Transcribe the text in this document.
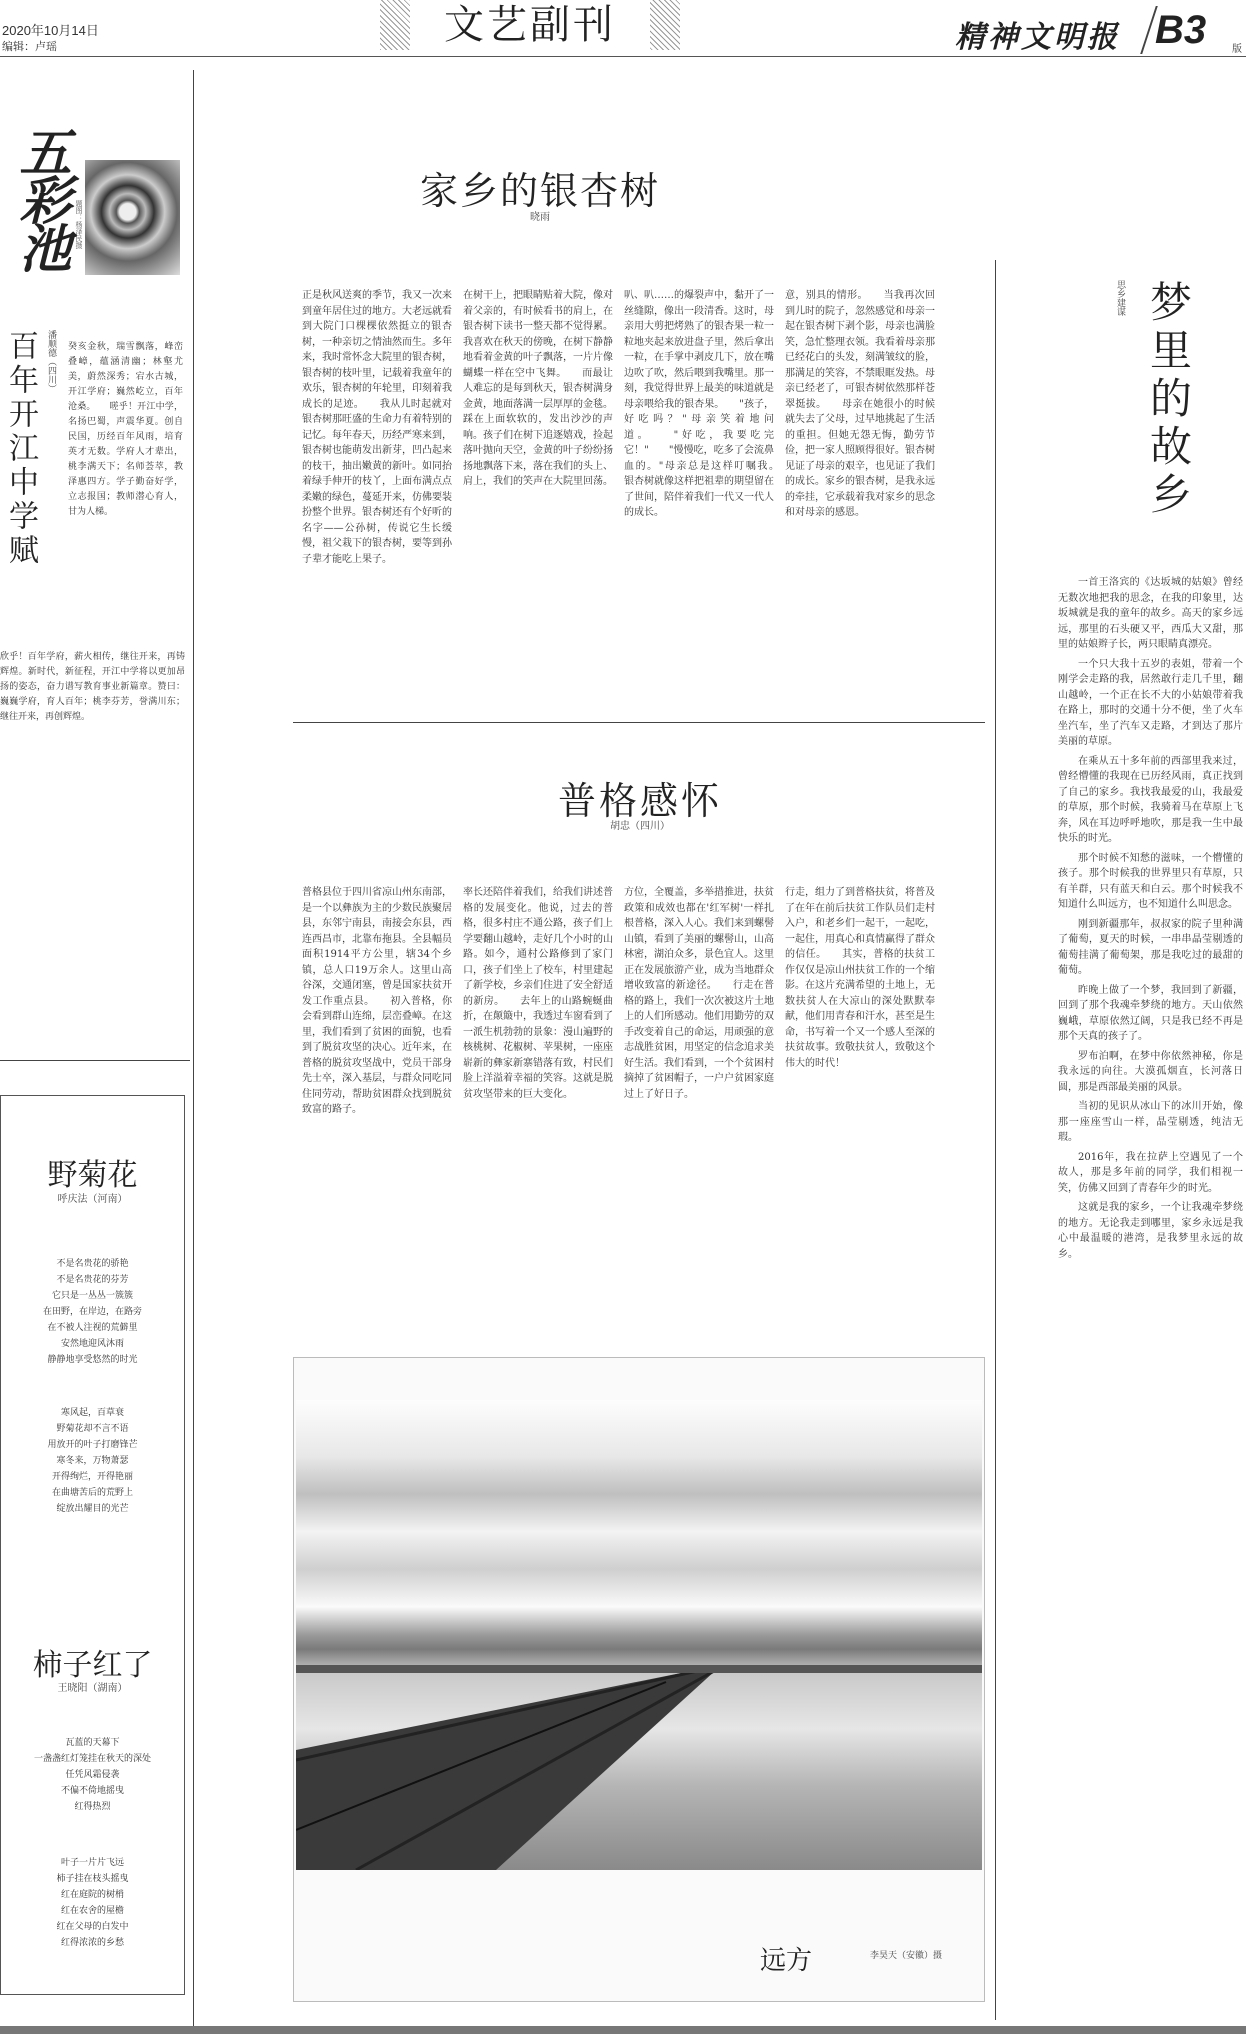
2020年10月14日
编辑：卢瑶	文艺副刊	精神文明报 B3	版
五彩池 题图：杨泽民摄
百年开江中学赋 潘顺德（四川） 癸亥金秋，瑞雪飘落，峰峦叠嶂，蕴涵清幽；林壑尤美，蔚然深秀；宕水古城，开江学府；巍然屹立，百年沧桑。　　嗟乎！开江中学，名扬巴蜀，声震华夏。创自民国，历经百年风雨，培育英才无数。学府人才辈出，桃李满天下；名师荟萃，教泽惠四方。学子勤奋好学，立志报国；教师潜心育人，甘为人梯。
欣乎！百年学府，薪火相传，继往开来，再铸辉煌。新时代，新征程，开江中学将以更加昂扬的姿态，奋力谱写教育事业新篇章。赞曰：巍巍学府，育人百年；桃李芬芳，誉满川东；继往开来，再创辉煌。
野菊花
呼庆法（河南）
不是名贵花的骄艳
不是名贵花的芬芳
它只是一丛丛一簇簇
在田野，在岸边，在路旁
在不被人注视的荒僻里
安然地迎风沐雨
静静地享受悠然的时光
寒风起，百草衰
野菊花却不言不语
用放开的叶子打磨锋芒
寒冬来，万物萧瑟
开得绚烂，开得艳丽
在曲塘苦后的荒野上
绽放出耀目的光芒
柿子红了
王晓阳（湖南）
瓦蓝的天幕下
一盏盏红灯笼挂在秋天的深处
任凭风霜侵袭
不偏不倚地摇曳
红得热烈
叶子一片片飞远
柿子挂在枝头摇曳
红在庭院的树梢
红在农舍的屋檐
红在父母的白发中
红得浓浓的乡愁
家乡的银杏树
晓雨
正是秋风送爽的季节，我又一次来到童年居住过的地方。大老远就看到大院门口棵棵依然挺立的银杏树，一种亲切之情油然而生。多年来，我时常怀念大院里的银杏树，银杏树的枝叶里，记载着我童年的欢乐，银杏树的年轮里，印刻着我成长的足迹。　　我从儿时起就对银杏树那旺盛的生命力有着特别的记忆。每年春天，历经严寒来到，银杏树也能萌发出新芽，凹凸起来的枝干，抽出嫩黄的新叶。如同抬着绿手伸开的枝丫，上面布满点点柔嫩的绿色，蔓延开来，仿佛要装扮整个世界。银杏树还有个好听的名字——公孙树，传说它生长缓慢，祖父栽下的银杏树，要等到孙子辈才能吃上果子。
在树干上，把眼睛贴着大院，像对着父亲的，有时候看书的肩上，在银杏树下读书一整天都不觉得累。我喜欢在秋天的傍晚，在树下静静地看着金黄的叶子飘落，一片片像蝴蝶一样在空中飞舞。　　而最让人难忘的是每到秋天，银杏树满身金黄，地面落满一层厚厚的金毯。踩在上面软软的，发出沙沙的声响。孩子们在树下追逐嬉戏，捡起落叶抛向天空，金黄的叶子纷纷扬扬地飘落下来，落在我们的头上、肩上，我们的笑声在大院里回荡。
叭、叭……的爆裂声中，黏开了一丝缝隙，像出一段清香。这时，母亲用大剪把烤熟了的银杏果一粒一粒地夹起来放进盘子里，然后拿出一粒，在手掌中剥皮几下，放在嘴边吹了吹，然后喂到我嘴里。那一刻，我觉得世界上最美的味道就是母亲喂给我的银杏果。　　"孩子，好吃吗？"母亲笑着地问道。　　"好吃，我要吃完它！"　　"慢慢吃，吃多了会流鼻血的。"母亲总是这样叮嘱我。　　银杏树就像这样把祖辈的期望留在了世间，陪伴着我们一代又一代人的成长。
意，别具的情形。　　当我再次回到儿时的院子，忽然感觉和母亲一起在银杏树下剥个影，母亲也满脸笑，急忙整理衣领。我看着母亲那已经花白的头发，刻满皱纹的脸，那满足的笑容，不禁眼眶发热。母亲已经老了，可银杏树依然那样苍翠挺拔。　　母亲在她很小的时候就失去了父母，过早地挑起了生活的重担。但她无怨无悔，勤劳节俭，把一家人照顾得很好。银杏树见证了母亲的艰辛，也见证了我们的成长。家乡的银杏树，是我永远的牵挂，它承载着我对家乡的思念和对母亲的感恩。
普格感怀
胡忠（四川）
普格县位于四川省凉山州东南部，是一个以彝族为主的少数民族聚居县，东邻宁南县，南接会东县，西连西昌市，北靠布拖县。全县幅员面积1914平方公里，辖34个乡镇，总人口19万余人。这里山高谷深，交通闭塞，曾是国家扶贫开发工作重点县。　　初入普格，你会看到群山连绵，层峦叠嶂。在这里，我们看到了贫困的面貌，也看到了脱贫攻坚的决心。近年来，在普格的脱贫攻坚战中，党员干部身先士卒，深入基层，与群众同吃同住同劳动，帮助贫困群众找到脱贫致富的路子。
率长还陪伴着我们，给我们讲述普格的发展变化。他说，过去的普格，很多村庄不通公路，孩子们上学要翻山越岭，走好几个小时的山路。如今，通村公路修到了家门口，孩子们坐上了校车，村里建起了新学校，乡亲们住进了安全舒适的新房。　　去年上的山路蜿蜒曲折，在颠簸中，我透过车窗看到了一派生机勃勃的景象：漫山遍野的核桃树、花椒树、苹果树，一座座崭新的彝家新寨错落有致，村民们脸上洋溢着幸福的笑容。这就是脱贫攻坚带来的巨大变化。
方位，全覆盖，多举措推进，扶贫政策和成效也都在'红军树'一样扎根普格，深入人心。我们来到螺髻山镇，看到了美丽的螺髻山，山高林密，湖泊众多，景色宜人。这里正在发展旅游产业，成为当地群众增收致富的新途径。　　行走在普格的路上，我们一次次被这片土地上的人们所感动。他们用勤劳的双手改变着自己的命运，用顽强的意志战胜贫困，用坚定的信念追求美好生活。我们看到，一个个贫困村摘掉了贫困帽子，一户户贫困家庭过上了好日子。
行走，组力了到普格扶贫，将普及了在年在前后扶贫工作队员们走村入户，和老乡们一起干，一起吃，一起住，用真心和真情赢得了群众的信任。　　其实，普格的扶贫工作仅仅是凉山州扶贫工作的一个缩影。在这片充满希望的土地上，无数扶贫人在大凉山的深处默默奉献，他们用青春和汗水，甚至是生命，书写着一个又一个感人至深的扶贫故事。致敬扶贫人，致敬这个伟大的时代！
远方	李昊天（安徽）摄
梦里的故乡
思乡建谋

一首王洛宾的《达坂城的姑娘》曾经无数次地把我的思念，在我的印象里，达坂城就是我的童年的故乡。高天的家乡远远，那里的石头硬又平，西瓜大又甜，那里的姑娘辫子长，两只眼睛真漂亮。

一个只大我十五岁的表姐，带着一个刚学会走路的我，居然敢行走几千里，翻山越岭，一个正在长不大的小姑娘带着我在路上，那时的交通十分不便，坐了火车坐汽车，坐了汽车又走路，才到达了那片美丽的草原。

在乘从五十多年前的西部里我来过，曾经懵懂的我现在已历经风雨，真正找到了自己的家乡。我找我最爱的山，我最爱的草原，那个时候，我骑着马在草原上飞奔，风在耳边呼呼地吹，那是我一生中最快乐的时光。

那个时候不知愁的滋味，一个懵懂的孩子。那个时候我的世界里只有草原，只有羊群，只有蓝天和白云。那个时候我不知道什么叫远方，也不知道什么叫思念。

刚到新疆那年，叔叔家的院子里种满了葡萄，夏天的时候，一串串晶莹剔透的葡萄挂满了葡萄架，那是我吃过的最甜的葡萄。

昨晚上做了一个梦，我回到了新疆，回到了那个我魂牵梦绕的地方。天山依然巍峨，草原依然辽阔，只是我已经不再是那个天真的孩子了。

罗布泊啊，在梦中你依然神秘，你是我永远的向往。大漠孤烟直，长河落日圆，那是西部最美丽的风景。

当初的见识从冰山下的冰川开始，像那一座座雪山一样，晶莹剔透，纯洁无瑕。

2016年，我在拉萨上空遇见了一个故人，那是多年前的同学，我们相视一笑，仿佛又回到了青春年少的时光。

这就是我的家乡，一个让我魂牵梦绕的地方。无论我走到哪里，家乡永远是我心中最温暖的港湾，是我梦里永远的故乡。
